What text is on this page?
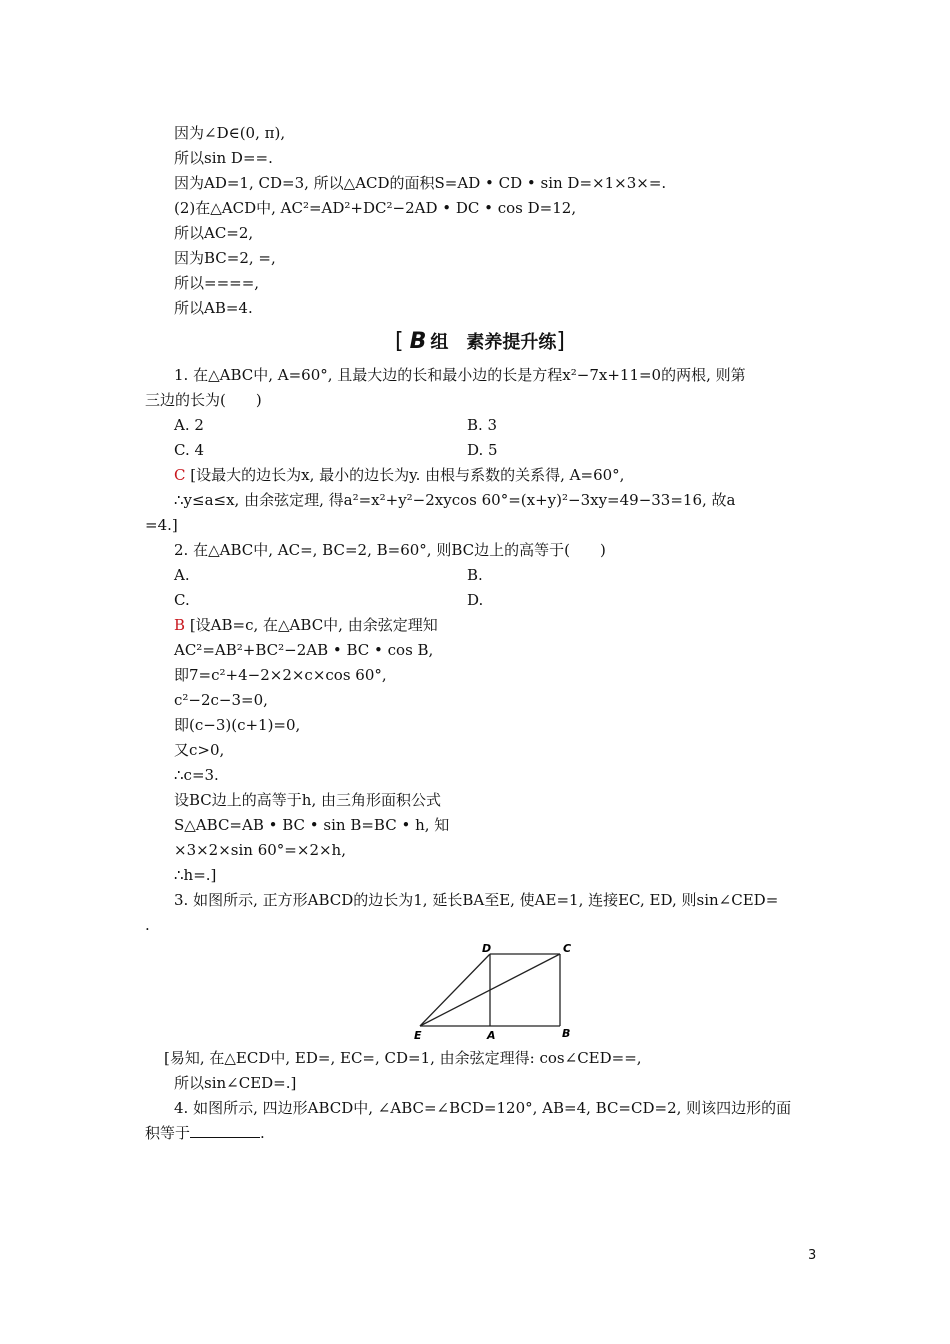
因为∠D∈(0, π),
所以sin D==.
因为AD=1, CD=3, 所以△ACD的面积S=AD • CD • sin D=×1×3×=.
(2)在△ACD中, AC²=AD²+DC²−2AD • DC • cos D=12,
所以AC=2,
因为BC=2, =,
所以====,
所以AB=4.
[ B 组　素养提升练]
1. 在△ABC中, A=60°, 且最大边的长和最小边的长是方程x²−7x+11=0的两根, 则第
三边的长为(　　)
A. 2	B. 3
C. 4	D. 5
C [设最大的边长为x, 最小的边长为y. 由根与系数的关系得, A=60°,
∴y≤a≤x, 由余弦定理, 得a²=x²+y²−2xycos 60°=(x+y)²−3xy=49−33=16, 故a
=4.]
2. 在△ABC中, AC=, BC=2, B=60°, 则BC边上的高等于(　　)
A.	B.
C.	D.
B [设AB=c, 在△ABC中, 由余弦定理知
AC²=AB²+BC²−2AB • BC • cos B,
即7=c²+4−2×2×c×cos 60°,
c²−2c−3=0,
即(c−3)(c+1)=0,
又c>0,
∴c=3.
设BC边上的高等于h, 由三角形面积公式
S△ABC=AB • BC • sin B=BC • h, 知
×3×2×sin 60°=×2×h,
∴h=.]
3. 如图所示, 正方形ABCD的边长为1, 延长BA至E, 使AE=1, 连接EC, ED, 则sin∠CED=
.
D	C
E	A	B
[易知, 在△ECD中, ED=, EC=, CD=1, 由余弦定理得: cos∠CED==,
所以sin∠CED=.]
4. 如图所示, 四边形ABCD中, ∠ABC=∠BCD=120°, AB=4, BC=CD=2, 则该四边形的面
积等于	.
3
